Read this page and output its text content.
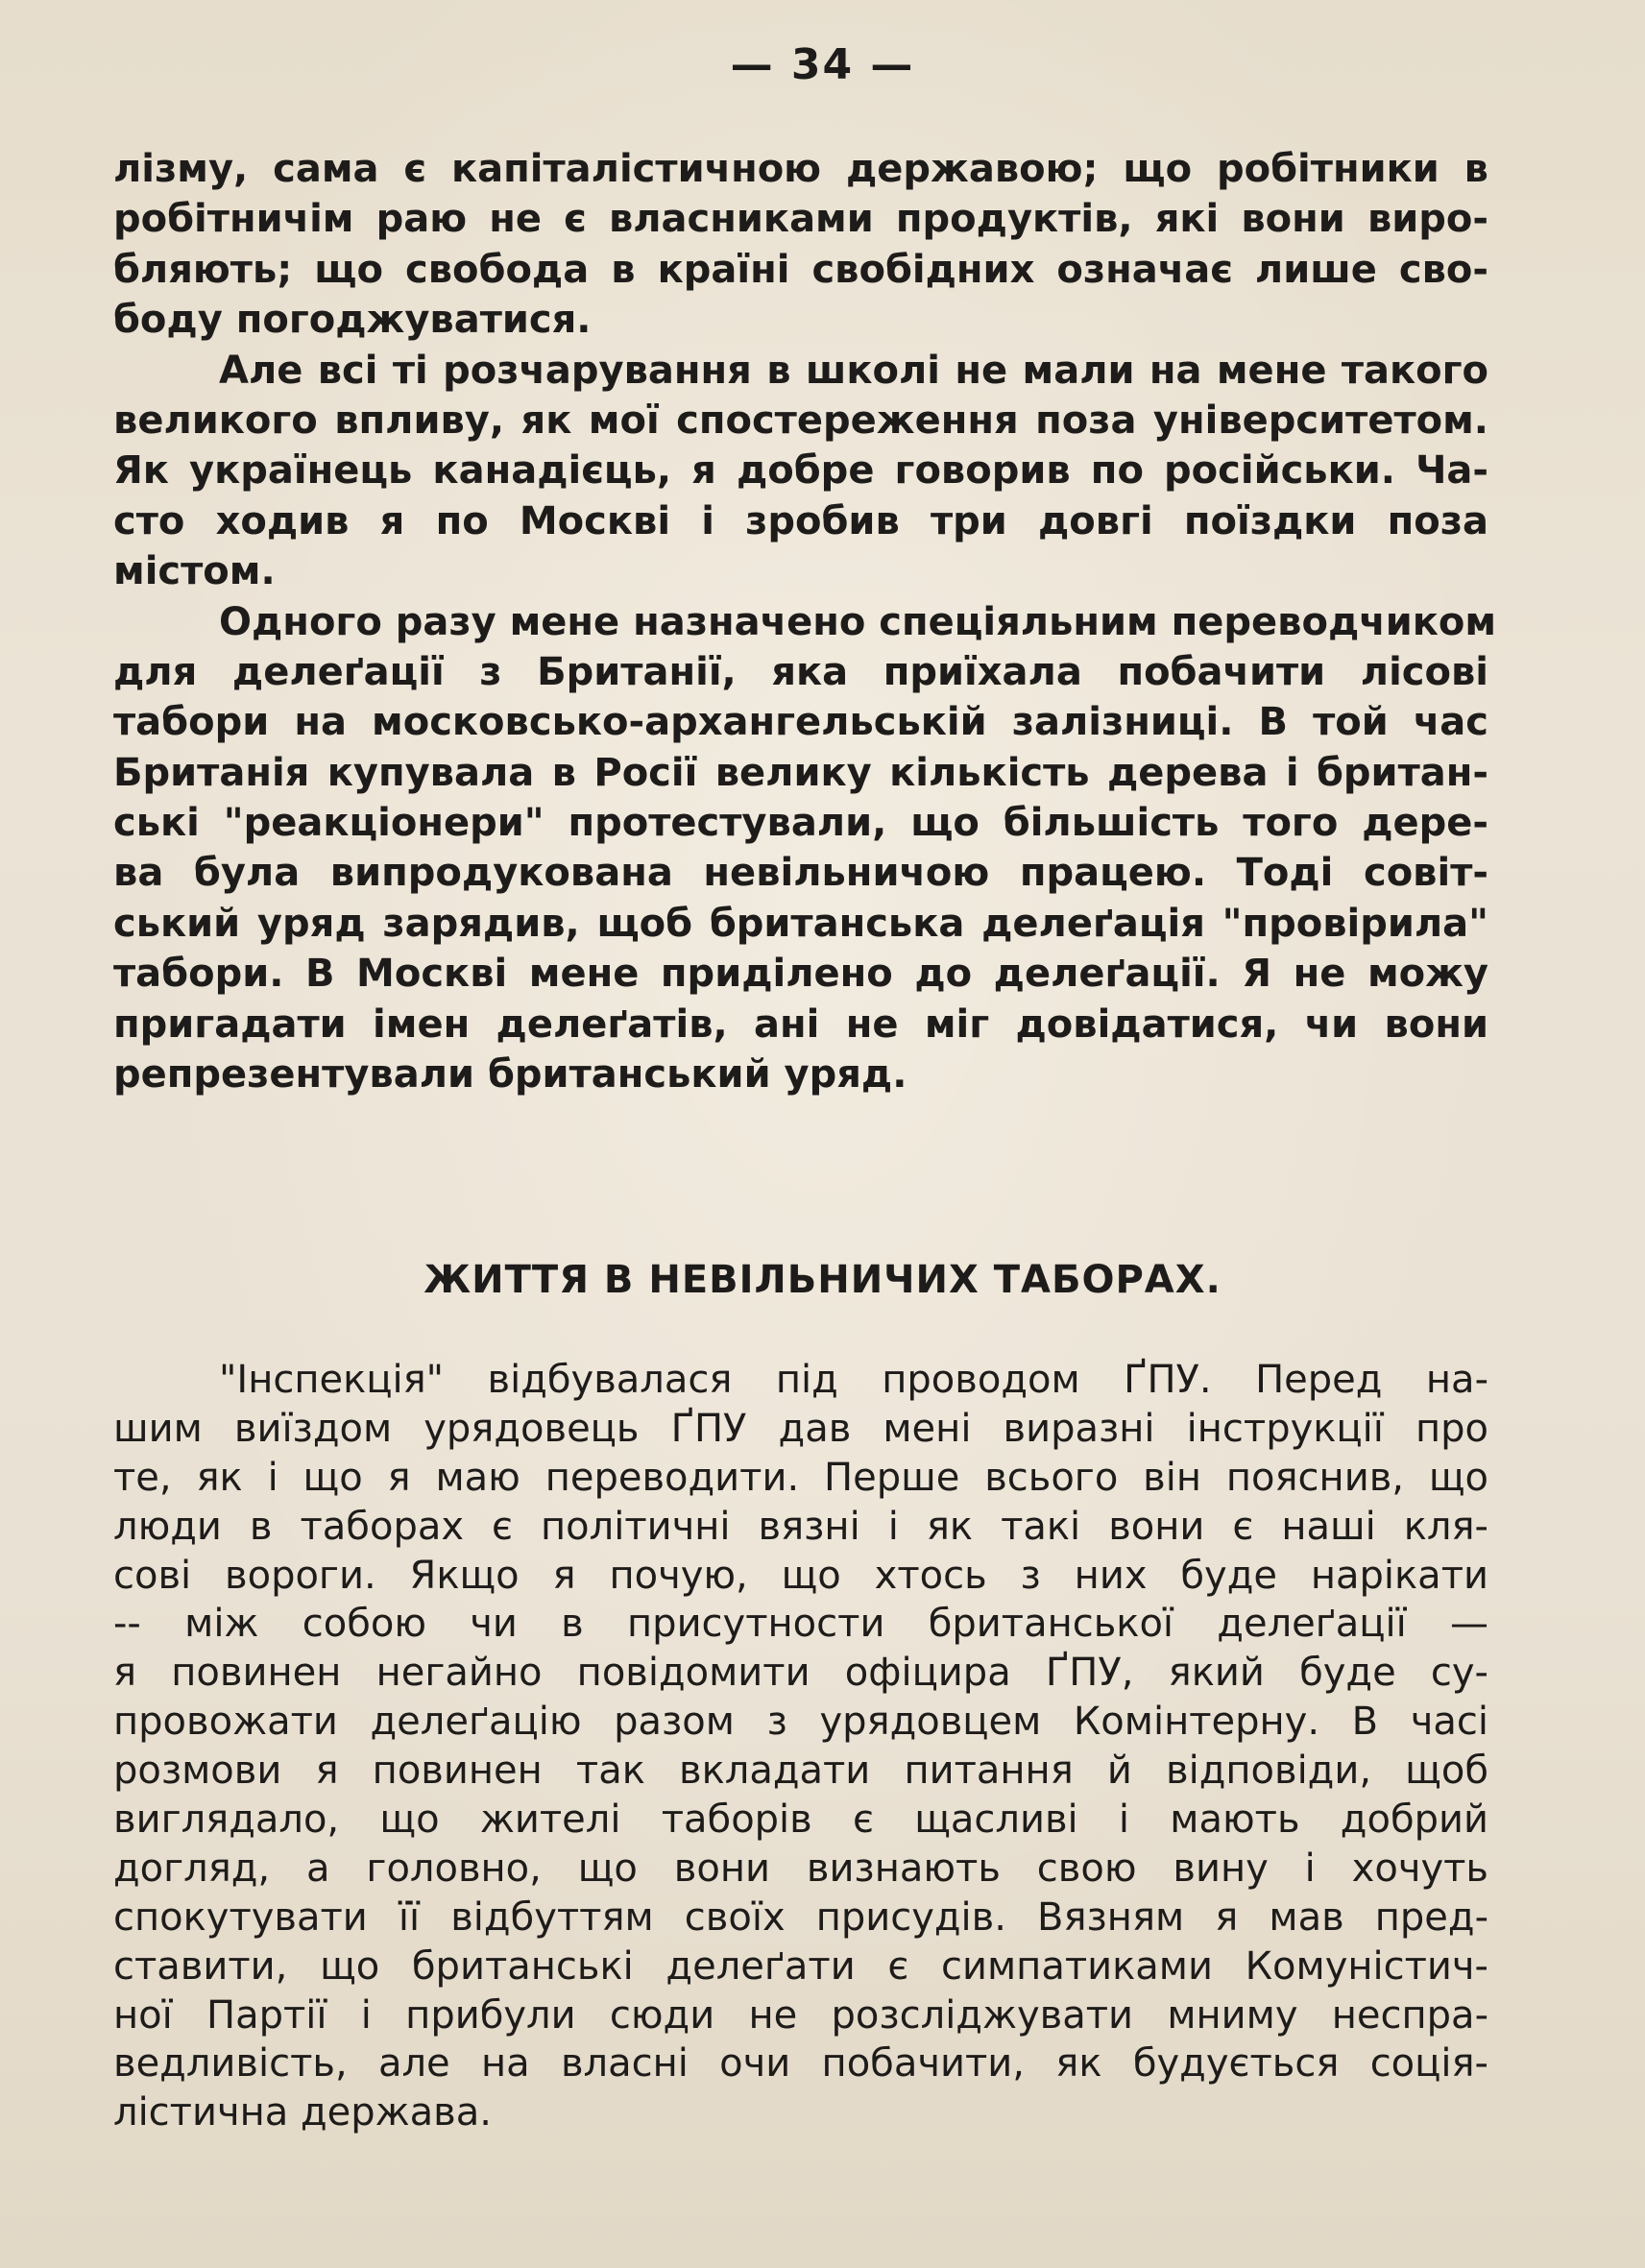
— 34 —
лізму, сама є капіталістичною державою; що робітники в
робітничім раю не є власниками продуктів, які вони виро-
бляють; що свобода в країні свобідних означає лише сво-
боду погоджуватися.
Але всі ті розчарування в школі не мали на мене такого
великого впливу, як мої спостереження поза університетом.
Як українець канадієць, я добре говорив по російськи. Ча-
сто ходив я по Москві і зробив три довгі поїздки поза
містом.
Одного разу мене назначено спеціяльним переводчиком
для делеґації з Британії, яка приїхала побачити лісові
табори на московсько-архангельській залізниці. В той час
Британія купувала в Росії велику кількість дерева і британ-
ські "реакціонери" протестували, що більшість того дере-
ва була випродукована невільничою працею. Тоді совіт-
ський уряд зарядив, щоб британська делеґація "провірила"
табори. В Москві мене приділено до делеґації. Я не можу
пригадати імен делеґатів, ані не міг довідатися, чи вони
репрезентували британський уряд.
ЖИТТЯ В НЕВІЛЬНИЧИХ ТАБОРАХ.
"Інспекція" відбувалася під проводом ҐПУ. Перед на-
шим виїздом урядовець ҐПУ дав мені виразні інструкції про
те, як і що я маю переводити. Перше всього він пояснив, що
люди в таборах є політичні вязні і як такі вони є наші кля-
сові вороги. Якщо я почую, що хтось з них буде нарікати
-- між собою чи в присутности британської делеґації —
я повинен негайно повідомити офіцира ҐПУ, який буде су-
провожати делеґацію разом з урядовцем Комінтерну. В часі
розмови я повинен так вкладати питання й відповіди, щоб
виглядало, що жителі таборів є щасливі і мають добрий
догляд, а головно, що вони визнають свою вину і хочуть
спокутувати її відбуттям своїх присудів. Вязням я мав пред-
ставити, що британські делеґати є симпатиками Комуністич-
ної Партії і прибули сюди не розсліджувати мниму неспра-
ведливість, але на власні очи побачити, як будується соція-
лістична держава.
